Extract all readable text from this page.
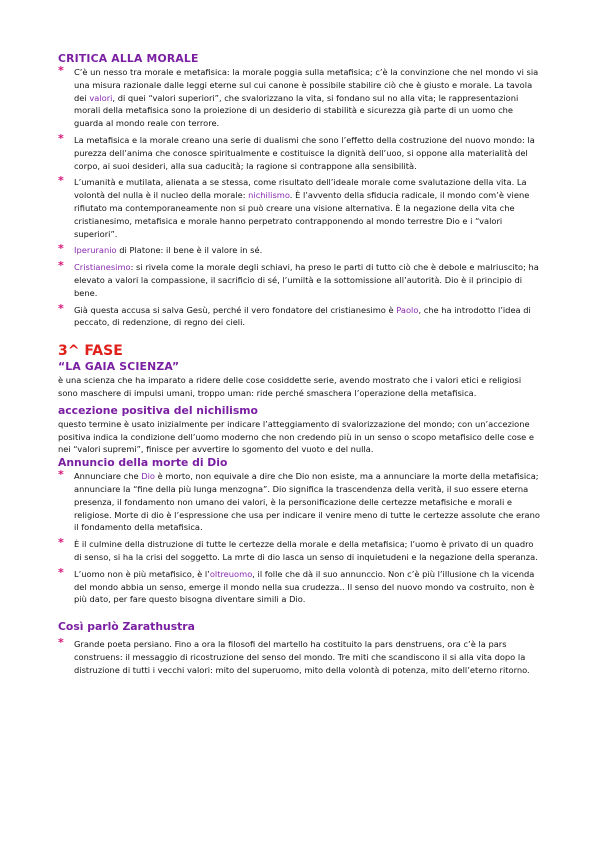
CRITICA ALLA MORALE
* C’è un nesso tra morale e metafisica: la morale poggia sulla metafisica; c’è la convinzione che nel mondo vi sia una misura razionale dalle leggi eterne sul cui canone è possibile stabilire ciò che è giusto e morale. La tavola dei valori, di quei “valori superiori”, che svalorizzano la vita, si fondano sul no alla vita; le rappresentazioni morali della metafisica sono la proiezione di un desiderio di stabilità e sicurezza già parte di un uomo che guarda al mondo reale con terrore.
* La metafisica e la morale creano una serie di dualismi che sono l’effetto della costruzione del nuovo mondo: la purezza dell’anima che conosce spiritualmente e costituisce la dignità dell’uoo, si oppone alla materialità del corpo, ai suoi desideri, alla sua caducità; la ragione si contrappone alla sensibilità.
* L’umanità e mutilata, alienata a se stessa, come risultato dell’ideale morale come svalutazione della vita. La volontà del nulla è il nucleo della morale: nichilismo. È l’avvento della sfiducia radicale, il mondo com’è viene rifiutato ma contemporaneamente non si può creare una visione alternativa. È la negazione della vita che cristianesimo, metafisica e morale hanno perpetrato contrapponendo al mondo terrestre Dio e i “valori superiori”.
* Iperuranio di Platone: il bene è il valore in sé.
* Cristianesimo: si rivela come la morale degli schiavi, ha preso le parti di tutto ciò che è debole e malriuscito; ha elevato a valori la compassione, il sacrificio di sé, l’umiltà e la sottomissione all’autorità. Dio è il principio di bene.
* Già questa accusa si salva Gesù, perché il vero fondatore del cristianesimo è Paolo, che ha introdotto l’idea di peccato, di redenzione, di regno dei cieli.
3^ FASE
“LA GAIA SCIENZA”

è una scienza che ha imparato a ridere delle cose cosiddette serie, avendo mostrato che i valori etici e religiosi sono maschere di impulsi umani, troppo uman: ride perché smaschera l’operazione della metafisica.

accezione positiva del nichilismo

questo termine è usato inizialmente per indicare l’atteggiamento di svalorizzazione del mondo; con un’accezione positiva indica la condizione dell’uomo moderno che non credendo più in un senso o scopo metafisico delle cose e nei “valori supremi”, finisce per avvertire lo sgomento del vuoto e del nulla.

Annuncio della morte di Dio
* Annunciare che Dio è morto, non equivale a dire che Dio non esiste, ma a annunciare la morte della metafisica; annunciare la “fine della più lunga menzogna”. Dio significa la trascendenza della verità, il suo essere eterna presenza, il fondamento non umano dei valori, è la personificazione delle certezze metafisiche e morali e religiose. Morte di dio è l’espressione che usa per indicare il venire meno di tutte le certezze assolute che erano il fondamento della metafisica.
* È il culmine della distruzione di tutte le certezze della morale e della metafisica; l’uomo è privato di un quadro di senso, si ha la crisi del soggetto. La mrte di dio lasca un senso di inquietudeni e la negazione della speranza.
* L’uomo non è più metafisico, è l’oltreuomo, il folle che dà il suo annunccio. Non c’è più l’illusione ch la vicenda del mondo abbia un senso, emerge il mondo nella sua crudezza.. Il senso del nuovo mondo va costruito, non è più dato, per fare questo bisogna diventare simili a Dio.
Così parlò Zarathustra
* Grande poeta persiano. Fino a ora la filosofi del martello ha costituito la pars denstruens, ora c’è la pars construens: il messaggio di ricostruzione del senso del mondo. Tre miti che scandiscono il si alla vita dopo la distruzione di tutti i vecchi valori: mito del superuomo, mito della volontà di potenza, mito dell’eterno ritorno.
